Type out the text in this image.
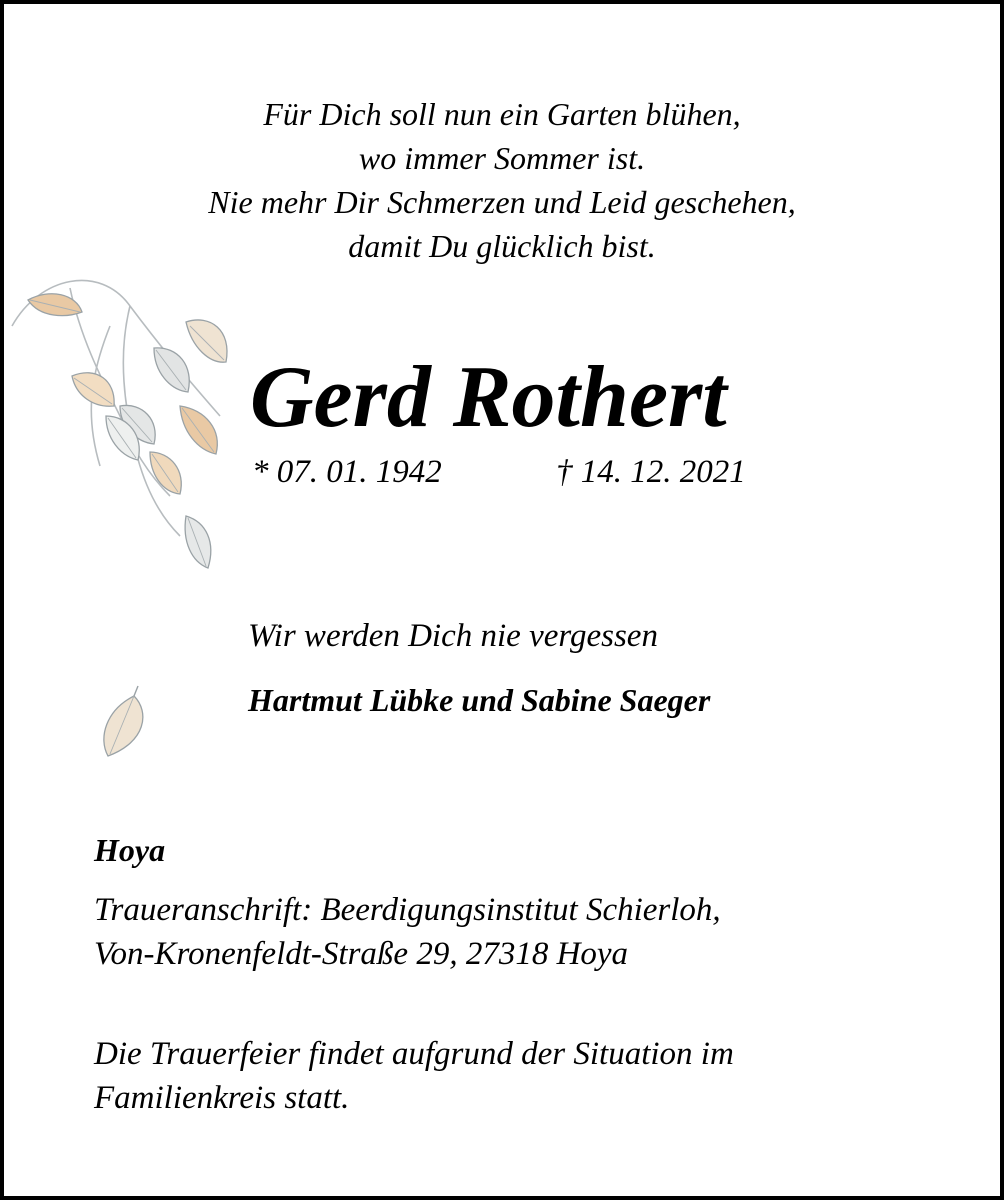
Für Dich soll nun ein Garten blühen,
wo immer Sommer ist.
Nie mehr Dir Schmerzen und Leid geschehen,
damit Du glücklich bist.
Gerd Rothert
* 07. 01. 1942	† 14. 12. 2021
Wir werden Dich nie vergessen
Hartmut Lübke und Sabine Saeger
Hoya
Traueranschrift: Beerdigungsinstitut Schierloh,
Von-Kronenfeldt-Straße 29, 27318 Hoya
Die Trauerfeier findet aufgrund der Situation im
Familienkreis statt.
